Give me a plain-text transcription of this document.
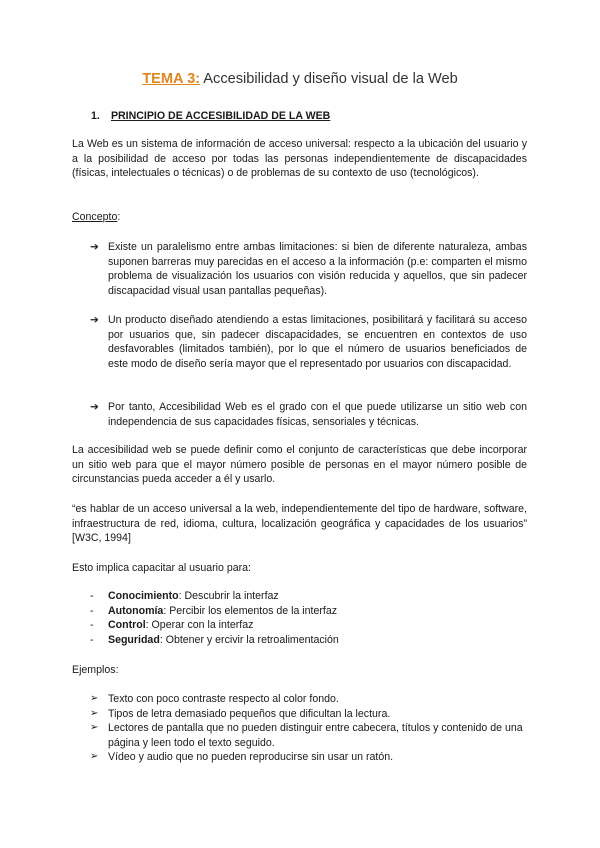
TEMA 3: Accesibilidad y diseño visual de la Web
1. PRINCIPIO DE ACCESIBILIDAD DE LA WEB

La Web es un sistema de información de acceso universal: respecto a la ubicación del usuario y a la posibilidad de acceso por todas las personas independientemente de discapacidades (físicas, intelectuales o técnicas) o de problemas de su contexto de uso (tecnológicos).

Concepto:
➔ Existe un paralelismo entre ambas limitaciones: si bien de diferente naturaleza, ambas suponen barreras muy parecidas en el acceso a la información (p.e: comparten el mismo problema de visualización los usuarios con visión reducida y aquellos, que sin padecer discapacidad visual usan pantallas pequeñas).
➔ Un producto diseñado atendiendo a estas limitaciones, posibilitará y facilitará su acceso por usuarios que, sin padecer discapacidades, se encuentren en contextos de uso desfavorables (limitados también), por lo que el número de usuarios beneficiados de este modo de diseño sería mayor que el representado por usuarios con discapacidad.
➔ Por tanto, Accesibilidad Web es el grado con el que puede utilizarse un sitio web con independencia de sus capacidades físicas, sensoriales y técnicas.

La accesibilidad web se puede definir como el conjunto de características que debe incorporar un sitio web para que el mayor número posible de personas en el mayor número posible de circunstancias pueda acceder a él y usarlo.

“es hablar de un acceso universal a la web, independientemente del tipo de hardware, software, infraestructura de red, idioma, cultura, localización geográfica y capacidades de los usuarios” [W3C, 1994]

Esto implica capacitar al usuario para:

- Conocimiento: Descubrir la interfaz
- Autonomía: Percibir los elementos de la interfaz
- Control: Operar con la interfaz
- Seguridad: Obtener y ercivir la retroalimentación

Ejemplos:

➢ Texto con poco contraste respecto al color fondo.
➢ Tipos de letra demasiado pequeños que dificultan la lectura.
➢ Lectores de pantalla que no pueden distinguir entre cabecera, títulos y contenido de una página y leen todo el texto seguido.
➢ Vídeo y audio que no pueden reproducirse sin usar un ratón.
